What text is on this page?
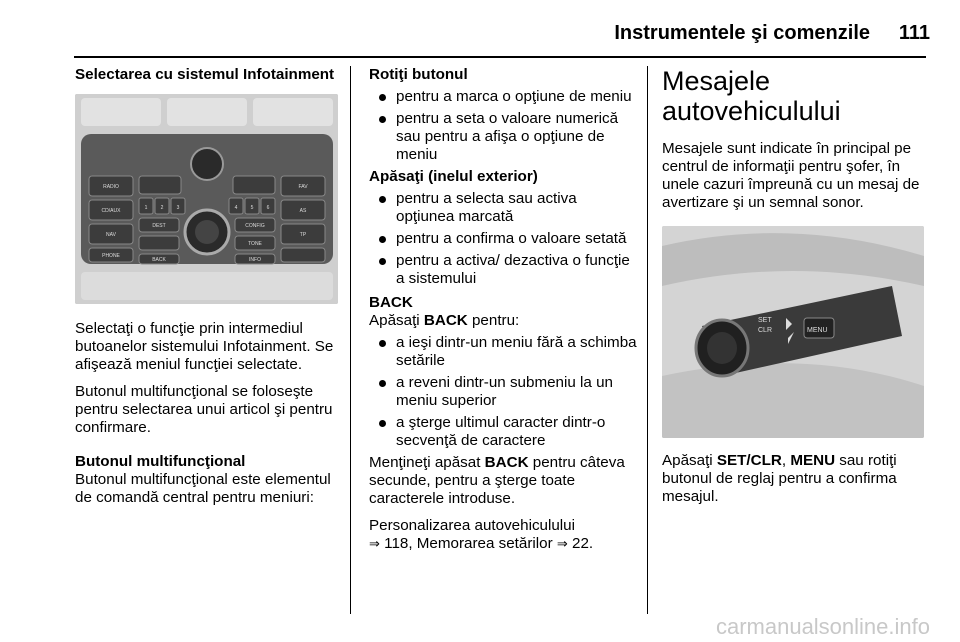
Instrumentele şi comenzile	111

Selectarea cu sistemul Infotainment

RADIO
CD/AUX
NAV
PHONE
FAV
AS
TP
DEST	CONFIG
TONE
INFO
BACK
1	2	3	4	5	6

Selectaţi o funcţie prin intermediul butoanelor sistemului Infotainment. Se afişează meniul funcţiei selectate.

Butonul multifuncţional se foloseşte pentru selectarea unui articol şi pentru confirmare.

Butonul multifuncţional

Butonul multifuncţional este elementul de comandă central pentru meniuri:

Rotiţi butonul

pentru a marca o opţiune de meniu
pentru a seta o valoare numerică sau pentru a afişa o opţiune de meniu

Apăsaţi (inelul exterior)

pentru a selecta sau activa opţiunea marcată
pentru a confirma o valoare setată
pentru a activa/ dezactiva o funcţie a sistemului

BACK

Apăsaţi BACK pentru:

a ieşi dintr-un meniu fără a schimba setările
a reveni dintr-un submeniu la un meniu superior
a şterge ultimul caracter dintr-o secvenţă de caractere

Menţineţi apăsat BACK pentru câteva secunde, pentru a şterge toate caracterele introduse.

Personalizarea autovehiculului
⇒ 118, Memorarea setărilor ⇒ 22.

Mesajele autovehiculului

Mesajele sunt indicate în principal pe centrul de informaţii pentru şofer, în unele cazuri împreună cu un mesaj de avertizare şi un semnal sonor.

SET
CLR	MENU

Apăsaţi SET/CLR, MENU sau rotiţi butonul de reglaj pentru a confirma mesajul.

carmanualsonline.info
